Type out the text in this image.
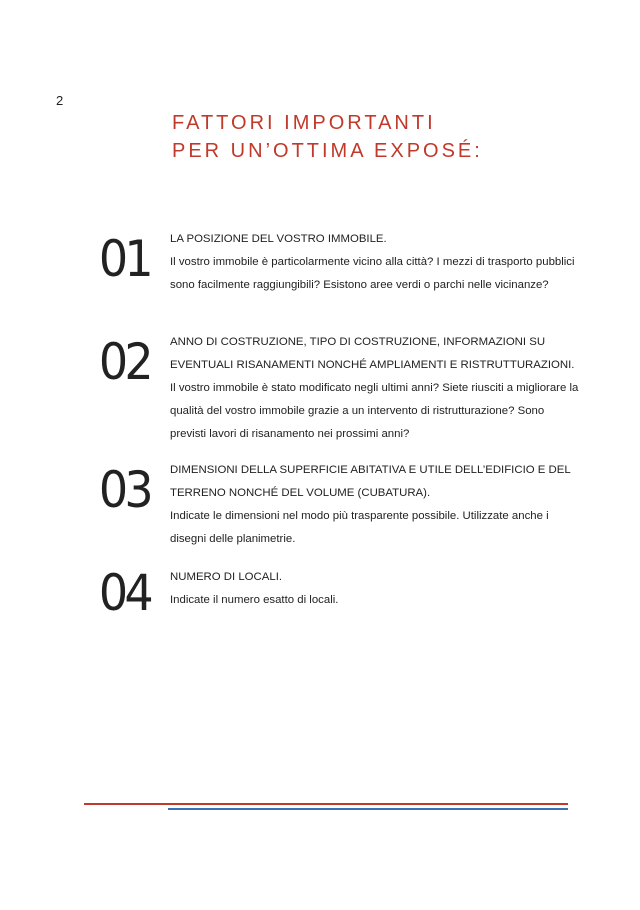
2
FATTORI IMPORTANTI
PER UN’OTTIMA EXPOSÉ:
01 LA POSIZIONE DEL VOSTRO IMMOBILE.
Il vostro immobile è particolarmente vicino alla città? I mezzi di trasporto pubblici sono facilmente raggiungibili? Esistono aree verdi o parchi nelle vicinanze?
02 ANNO DI COSTRUZIONE, TIPO DI COSTRUZIONE, INFORMAZIONI SU EVENTUALI RISANAMENTI NONCHÉ AMPLIAMENTI E RISTRUTTURAZIONI.
Il vostro immobile è stato modificato negli ultimi anni? Siete riusciti a migliorare la qualità del vostro immobile grazie a un intervento di ristrutturazione? Sono previsti lavori di risanamento nei prossimi anni?
03 DIMENSIONI DELLA SUPERFICIE ABITATIVA E UTILE DELL’EDIFICIO E DEL TERRENO NONCHÉ DEL VOLUME (CUBATURA).
Indicate le dimensioni nel modo più trasparente possibile. Utilizzate anche i disegni delle planimetrie.
04 NUMERO DI LOCALI.
Indicate il numero esatto di locali.
